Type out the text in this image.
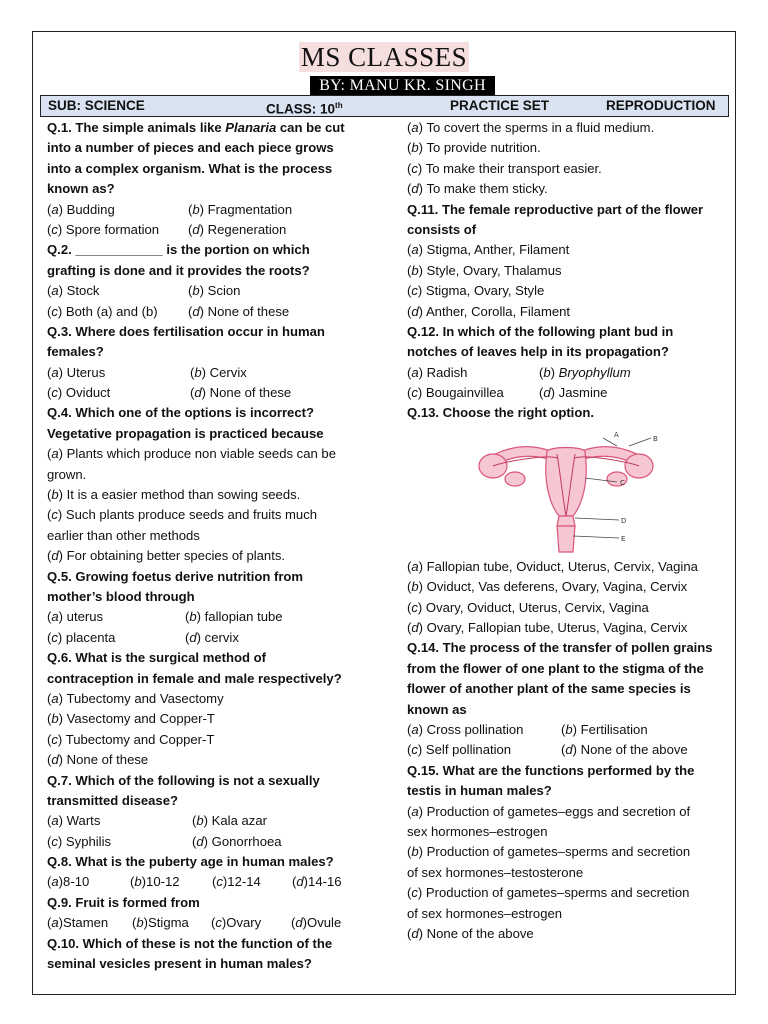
MS CLASSES
BY: MANU KR. SINGH
SUB: SCIENCE	CLASS: 10th	PRACTICE SET	REPRODUCTION
Q.1. The simple animals like Planaria can be cut
into a number of pieces and each piece grows
into a complex organism. What is the process
known as?
(a) Budding	(b) Fragmentation
(c) Spore formation (d) Regeneration
Q.2. ____________ is the portion on which
grafting is done and it provides the roots?
(a) Stock	(b) Scion
(c) Both (a) and (b) (d) None of these
Q.3. Where does fertilisation occur in human
females?
(a) Uterus	(b) Cervix
(c) Oviduct	(d) None of these
Q.4. Which one of the options is incorrect?
Vegetative propagation is practiced because
(a) Plants which produce non viable seeds can be
grown.
(b) It is a easier method than sowing seeds.
(c) Such plants produce seeds and fruits much
earlier than other methods
(d) For obtaining better species of plants.
Q.5. Growing foetus derive nutrition from
mother’s blood through
(a) uterus	(b) fallopian tube
(c) placenta	(d) cervix
Q.6. What is the surgical method of
contraception in female and male respectively?
(a) Tubectomy and Vasectomy
(b) Vasectomy and Copper-T
(c) Tubectomy and Copper-T
(d) None of these
Q.7. Which of the following is not a sexually
transmitted disease?
(a) Warts	(b) Kala azar
(c) Syphilis	(d) Gonorrhoea
Q.8. What is the puberty age in human males?
(a) 8-10	(b) 10-12 (c) 12-14 (d) 14-16
Q.9. Fruit is formed from
(a) Stamen (b) Stigma (c) Ovary (d) Ovule
Q.10. Which of these is not the function of the
seminal vesicles present in human males?
(a) To covert the sperms in a fluid medium.
(b) To provide nutrition.
(c) To make their transport easier.
(d) To make them sticky.
Q.11. The female reproductive part of the flower
consists of
(a) Stigma, Anther, Filament
(b) Style, Ovary, Thalamus
(c) Stigma, Ovary, Style
(d) Anther, Corolla, Filament
Q.12. In which of the following plant bud in
notches of leaves help in its propagation?
(a) Radish	(b) Bryophyllum
(c) Bougainvillea	(d) Jasmine
Q.13. Choose the right option.
A	B
C
D
E
(a) Fallopian tube, Oviduct, Uterus, Cervix, Vagina
(b) Oviduct, Vas deferens, Ovary, Vagina, Cervix
(c) Ovary, Oviduct, Uterus, Cervix, Vagina
(d) Ovary, Fallopian tube, Uterus, Vagina, Cervix
Q.14. The process of the transfer of pollen grains
from the flower of one plant to the stigma of the
flower of another plant of the same species is
known as
(a) Cross pollination	(b) Fertilisation
(c) Self pollination	(d) None of the above
Q.15. What are the functions performed by the
testis in human males?
(a) Production of gametes–eggs and secretion of
sex hormones–estrogen
(b) Production of gametes–sperms and secretion
of sex hormones–testosterone
(c) Production of gametes–sperms and secretion
of sex hormones–estrogen
(d) None of the above
